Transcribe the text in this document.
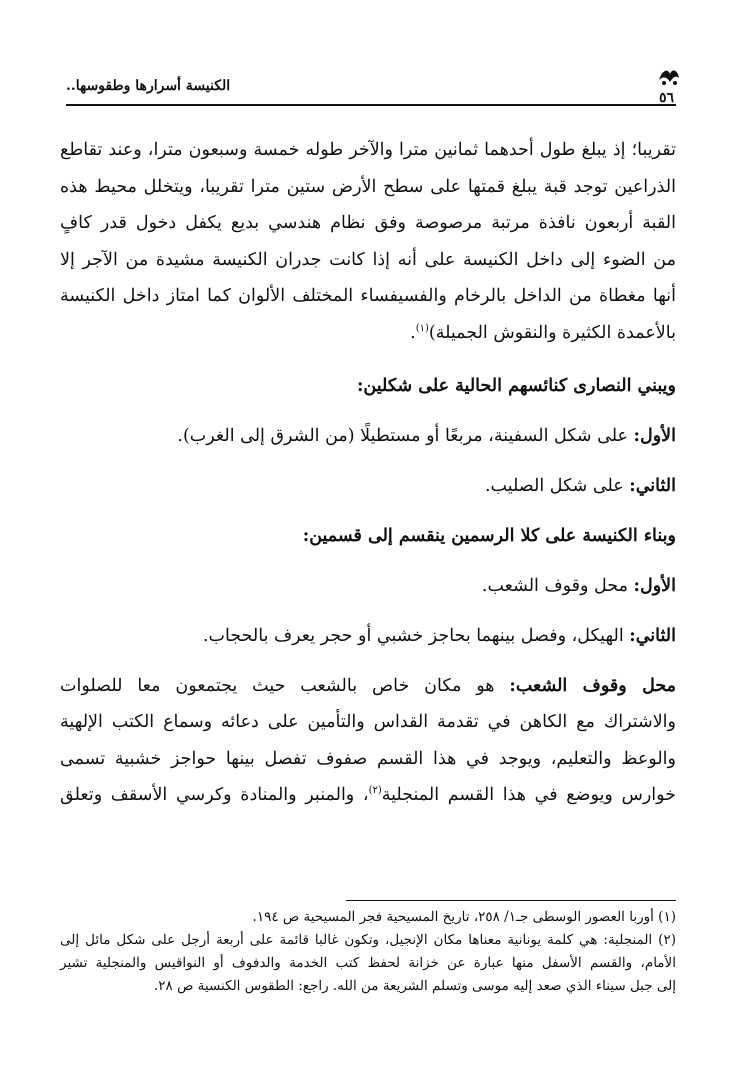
٥٦
الكنيسة أسرارها وطقوسها..

تقريبا؛ إذ يبلغ طول أحدهما ثمانين مترا والآخر طوله خمسة وسبعون مترا، وعند تقاطع

الذراعين توجد قبة يبلغ قمتها على سطح الأرض ستين مترا تقريبا، ويتخلل محيط هذه

القبة أربعون نافذة مرتبة مرصوصة وفق نظام هندسي بديع يكفل دخول قدر كافٍ

من الضوء إلى داخل الكنيسة على أنه إذا كانت جدران الكنيسة مشيدة من الآجر إلا

أنها مغطاة من الداخل بالرخام والفسيفساء المختلف الألوان كما امتاز داخل الكنيسة

بالأعمدة الكثيرة والنقوش الجميلة)$^{(١)}$.

ويبني النصارى كنائسهم الحالية على شكلين:

الأول: على شكل السفينة، مربعًا أو مستطيلًا (من الشرق إلى الغرب).

الثاني: على شكل الصليب.

وبناء الكنيسة على كلا الرسمين ينقسم إلى قسمين:

الأول: محل وقوف الشعب.

الثاني: الهيكل، وفصل بينهما بحاجز خشبي أو حجر يعرف بالحجاب.

محل وقوف الشعب: هو مكان خاص بالشعب حيث يجتمعون معا للصلوات

والاشتراك مع الكاهن في تقدمة القداس والتأمين على دعائه وسماع الكتب الإلهية

والوعظ والتعليم، ويوجد في هذا القسم صفوف تفصل بينها حواجز خشبية تسمى

خوارس ويوضع في هذا القسم المنجلية$^{(٢)}$، والمنبر والمنادة وكرسي الأسقف وتعلق

(١) أوربا العصور الوسطى جـ١/ ٢٥٨، تاريخ المسيحية فجر المسيحية ص ١٩٤.

(٢) المنجلية: هي كلمة يونانية معناها مكان الإنجيل، وتكون غالبا قائمة على أربعة أرجل على شكل مائل إلى

الأمام، والقسم الأسفل منها عبارة عن خزانة لحفظ كتب الخدمة والدفوف أو النواقيس والمنجلية تشير

إلى جبل سيناء الذي صعد إليه موسى وتسلم الشريعة من الله. راجع: الطقوس الكنسية ص ٢٨.
